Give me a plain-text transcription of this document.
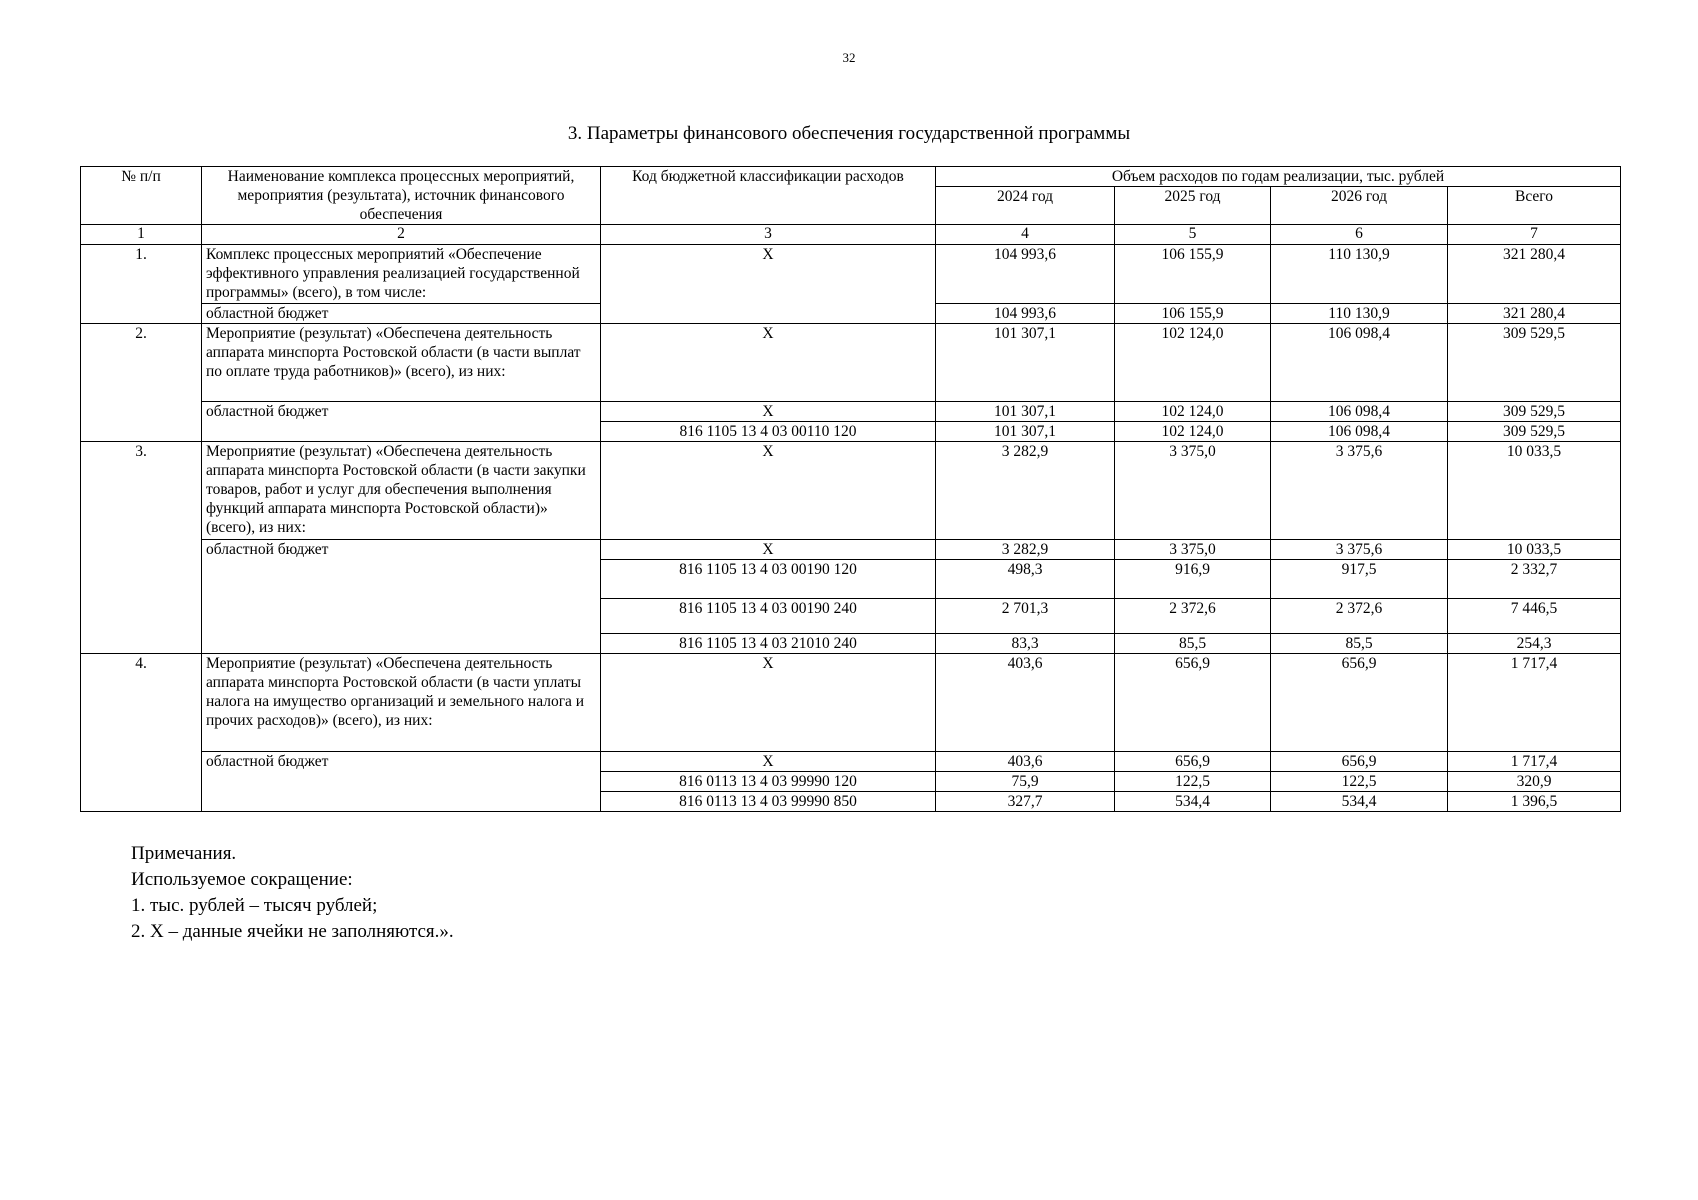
32
3. Параметры финансового обеспечения государственной программы
№ п/п	Наименование комплекса процессных мероприятий, мероприятия (результата), источник финансового обеспечения	Код бюджетной классификации расходов	Объем расходов по годам реализации, тыс. рублей			
			2024 год	2025 год	2026 год	Всего
1	2	3	4	5	6	7
1.	Комплекс процессных мероприятий «Обеспечение эффективного управления реализацией государственной программы» (всего), в том числе:	X	104 993,6	106 155,9	110 130,9	321 280,4
	областной бюджет		104 993,6	106 155,9	110 130,9	321 280,4
2.	Мероприятие (результат) «Обеспечена деятельность аппарата минспорта Ростовской области (в части выплат по оплате труда работников)» (всего), из них:	X	101 307,1	102 124,0	106 098,4	309 529,5
	областной бюджет	X	101 307,1	102 124,0	106 098,4	309 529,5
		816 1105 13 4 03 00110 120	101 307,1	102 124,0	106 098,4	309 529,5
3.	Мероприятие (результат) «Обеспечена деятельность аппарата минспорта Ростовской области (в части закупки товаров, работ и услуг для обеспечения выполнения функций аппарата минспорта Ростовской области)» (всего), из них:	X	3 282,9	3 375,0	3 375,6	10 033,5
	областной бюджет	X	3 282,9	3 375,0	3 375,6	10 033,5
		816 1105 13 4 03 00190 120	498,3	916,9	917,5	2 332,7
		816 1105 13 4 03 00190 240	2 701,3	2 372,6	2 372,6	7 446,5
		816 1105 13 4 03 21010 240	83,3	85,5	85,5	254,3
4.	Мероприятие (результат) «Обеспечена деятельность аппарата минспорта Ростовской области (в части уплаты налога на имущество организаций и земельного налога и прочих расходов)» (всего), из них:	X	403,6	656,9	656,9	1 717,4
	областной бюджет	X	403,6	656,9	656,9	1 717,4
		816 0113 13 4 03 99990 120	75,9	122,5	122,5	320,9
		816 0113 13 4 03 99990 850	327,7	534,4	534,4	1 396,5
Примечания.
Используемое сокращение:
1. тыс. рублей – тысяч рублей;
2. X – данные ячейки не заполняются.».
